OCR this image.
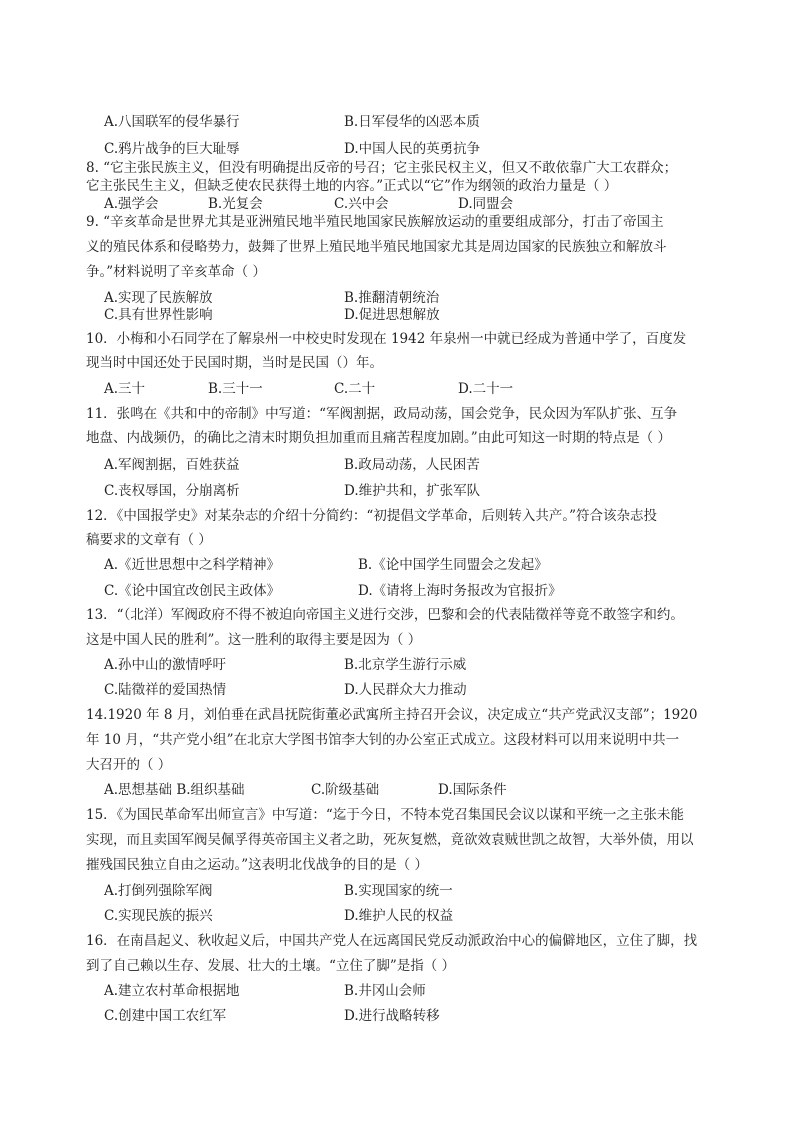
A.八国联军的侵华暴行	B.日军侵华的凶恶本质
C.鸦片战争的巨大耻辱	D.中国人民的英勇抗争
8. “它主张民族主义，但没有明确提出反帝的号召；它主张民权主义，但又不敢依靠广大工农群众；
它主张民生主义，但缺乏使农民获得土地的内容。”正式以“它”作为纲领的政治力量是（ ）
A.强学会	B.光复会	C.兴中会	D.同盟会
9. “辛亥革命是世界尤其是亚洲殖民地半殖民地国家民族解放运动的重要组成部分，打击了帝国主
义的殖民体系和侵略势力，鼓舞了世界上殖民地半殖民地国家尤其是周边国家的民族独立和解放斗
争。”材料说明了辛亥革命（ ）
A.实现了民族解放	B.推翻清朝统治
C.具有世界性影响	D.促进思想解放
10．小梅和小石同学在了解泉州一中校史时发现在 1942 年泉州一中就已经成为普通中学了，百度发
现当时中国还处于民国时期，当时是民国（）年。
A.三十	B.三十一	C.二十	D.二十一
11．张鸣在《共和中的帝制》中写道：“军阀割据，政局动荡，国会党争，民众因为军队扩张、互争
地盘、内战频仍，的确比之清末时期负担加重而且痛苦程度加剧。”由此可知这一时期的特点是（ ）
A.军阀割据，百姓获益	B.政局动荡，人民困苦
C.丧权辱国，分崩离析	D.维护共和，扩张军队
12．《中国报学史》对某杂志的介绍十分简约：“初提倡文学革命，后则转入共产。”符合该杂志投
稿要求的文章有（ ）
A.《近世思想中之科学精神》	B.《论中国学生同盟会之发起》
C.《论中国宜改创民主政体》	D.《请将上海时务报改为官报折》
13．“（北洋）军阀政府不得不被迫向帝国主义进行交涉，巴黎和会的代表陆徵祥等竟不敢签字和约。
这是中国人民的胜利”。这一胜利的取得主要是因为（ ）
A.孙中山的激情呼吁	B.北京学生游行示威
C.陆徵祥的爱国热情	D.人民群众大力推动
14.1920 年 8 月，刘伯垂在武昌抚院街董必武寓所主持召开会议，决定成立“共产党武汉支部”；1920
年 10 月，“共产党小组”在北京大学图书馆李大钊的办公室正式成立。这段材料可以用来说明中共一
大召开的（ ）
A.思想基础 B.组织基础	C.阶级基础	D.国际条件
15．《为国民革命军出师宣言》中写道：“迄于今日，不特本党召集国民会议以谋和平统一之主张未能
实现，而且卖国军阀吴佩孚得英帝国主义者之助，死灰复燃，竟欲效袁贼世凯之故智，大举外债，用以
摧残国民独立自由之运动。”这表明北伐战争的目的是（ ）
A.打倒列强除军阀	B.实现国家的统一
C.实现民族的振兴	D.维护人民的权益
16．在南昌起义、秋收起义后，中国共产党人在远离国民党反动派政治中心的偏僻地区，立住了脚，找
到了自己赖以生存、发展、壮大的土壤。“立住了脚”是指（ ）
A.建立农村革命根据地	B.井冈山会师
C.创建中国工农红军	D.进行战略转移
